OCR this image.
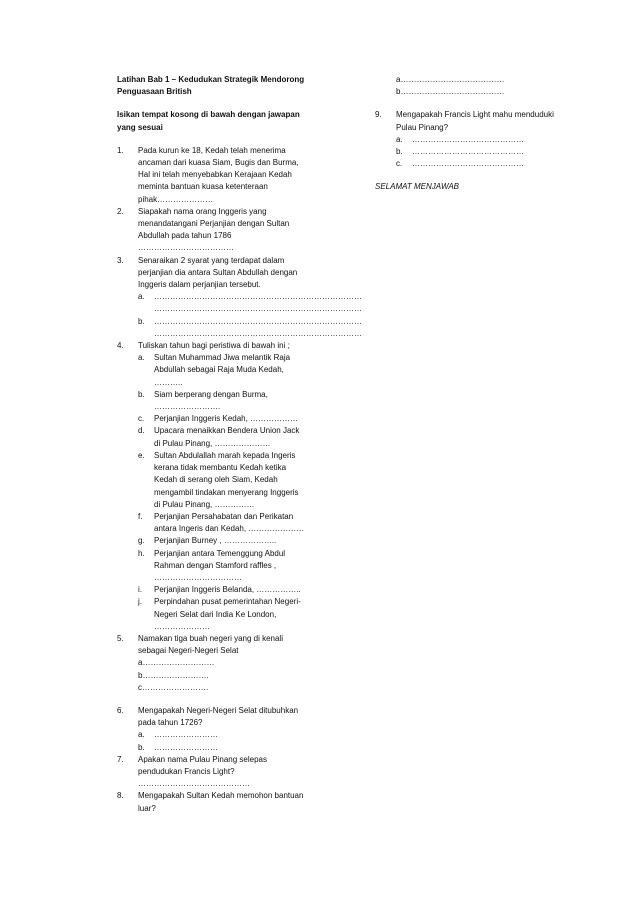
Latihan Bab 1 – Kedudukan Strategik Mendorong
Penguasaan British
Isikan tempat kosong di bawah dengan jawapan
yang sesuai
1. Pada kurun ke 18, Kedah telah menerima
ancaman dari kuasa Siam, Bugis dan Burma,
Hal ini telah menyebabkan Kerajaan Kedah
meminta bantuan kuasa ketenteraan
pihak…………………
2. Siapakah nama orang Inggeris yang
menandatangani Perjanjian dengan Sultan
Abdullah pada tahun 1786
………………………………
3. Senaraikan 2 syarat yang terdapat dalam
perjanjian dia antara Sultan Abdullah dengan
Inggeris dalam perjanjian tersebut.
a. ……………………………………………………………………
……………………………………………………………………
b. ……………………………………………………………………
……………………………………………………………………
4. Tuliskan tahun bagi peristiwa di bawah ini ;
a. Sultan Muhammad Jiwa melantik Raja
Abdullah sebagai Raja Muda Kedah,
………..
b. Siam berperang dengan Burma,
…………………….
c. Perjanjian Inggeris Kedah, ………………
d. Upacara menaikkan Bendera Union Jack
di Pulau Pinang, …………………
e. Sultan Abdulallah marah kepada Ingeris
kerana tidak membantu Kedah ketika
Kedah di serang oleh Siam, Kedah
mengambil tindakan menyerang Inggeris
di Pulau Pinang, ……………
f. Perjanjian Persahabatan dan Perikatan
antara Ingeris dan Kedah, …………………
g. Perjanjian Burney , ………………..
h. Perjanjian antara Temenggung Abdul
Rahman dengan Stamford raffles ,
……………………………
i. Perjanjian Inggeris Belanda, ……………..
j. Perpindahan pusat pemerintahan Negeri-
Negeri Selat dari India Ke London,
…………………
5. Namakan tiga buah negeri yang di kenali
sebagai Negeri-Negeri Selat
a………………………
b…………………….
c…………………….
6. Mengapakah Negeri-Negeri Selat ditubuhkan
pada tahun 1726?
a. ……………………
b. ……………………
7. Apakan nama Pulau Pinang selepas
pendudukan Francis Light?
……………………………………
8. Mengapakah Sultan Kedah memohon bantuan
luar?
a…………………………………
b…………………………………
9. Mengapakah Francis Light mahu menduduki
Pulau Pinang?
a. ……………………………………
b. ……………………………………
c. ……………………………………
SELAMAT MENJAWAB
